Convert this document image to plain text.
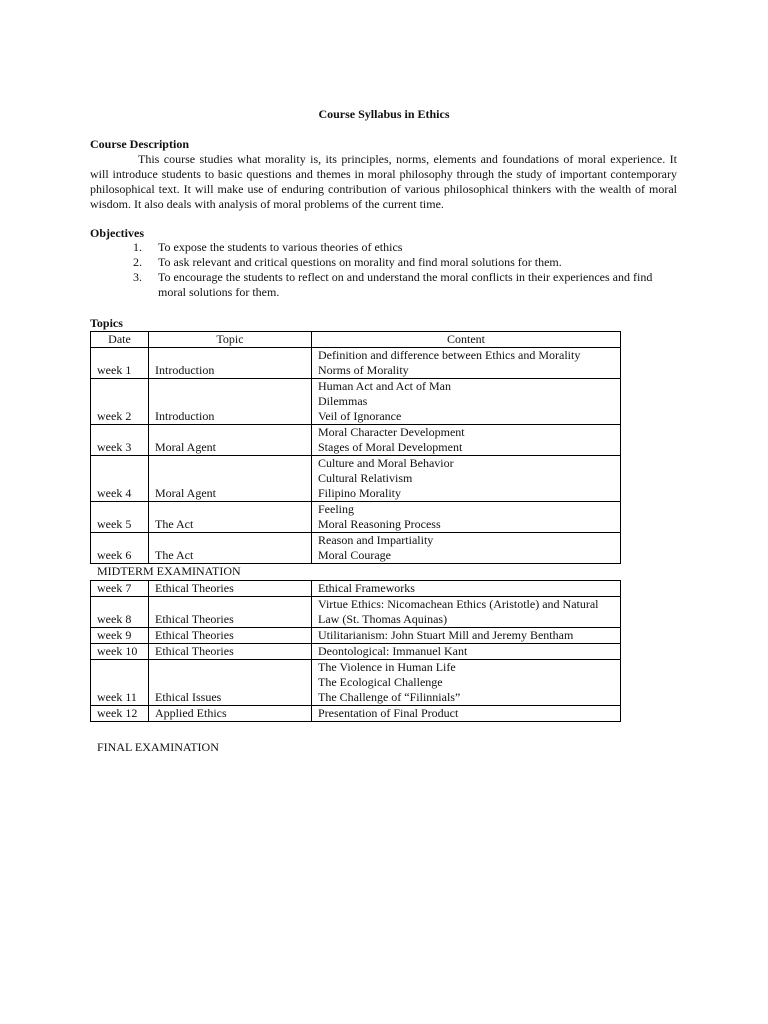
Course Syllabus in Ethics
Course Description

This course studies what morality is, its principles, norms, elements and foundations of moral experience. It will introduce students to basic questions and themes in moral philosophy through the study of important contemporary philosophical text. It will make use of enduring contribution of various philosophical thinkers with the wealth of moral wisdom. It also deals with analysis of moral problems of the current time.

Objectives
1. To expose the students to various theories of ethics
2. To ask relevant and critical questions on morality and find moral solutions for them.
3. To encourage the students to reflect on and understand the moral conflicts in their experiences and find moral solutions for them.
Topics
Date	Topic	Content
week 1	Introduction	Definition and difference between Ethics and Morality
Norms of Morality

week 2	Introduction	Human Act and Act of Man
Dilemmas
Veil of Ignorance

week 3	Moral Agent	Moral Character Development
Stages of Moral Development

week 4	Moral Agent	Culture and Moral Behavior
Cultural Relativism
Filipino Morality

week 5	The Act	Feeling
Moral Reasoning Process

week 6	The Act	Reason and Impartiality
Moral Courage
MIDTERM EXAMINATION
week 7	Ethical Theories	Ethical Frameworks

week 8	Ethical Theories	Virtue Ethics: Nicomachean Ethics (Aristotle) and Natural Law (St. Thomas Aquinas)

week 9	Ethical Theories	Utilitarianism: John Stuart Mill and Jeremy Bentham

week 10	Ethical Theories	Deontological: Immanuel Kant

week 11	Ethical Issues	The Violence in Human Life
The Ecological Challenge
The Challenge of “Filinnials”

week 12	Applied Ethics	Presentation of Final Product
FINAL EXAMINATION
